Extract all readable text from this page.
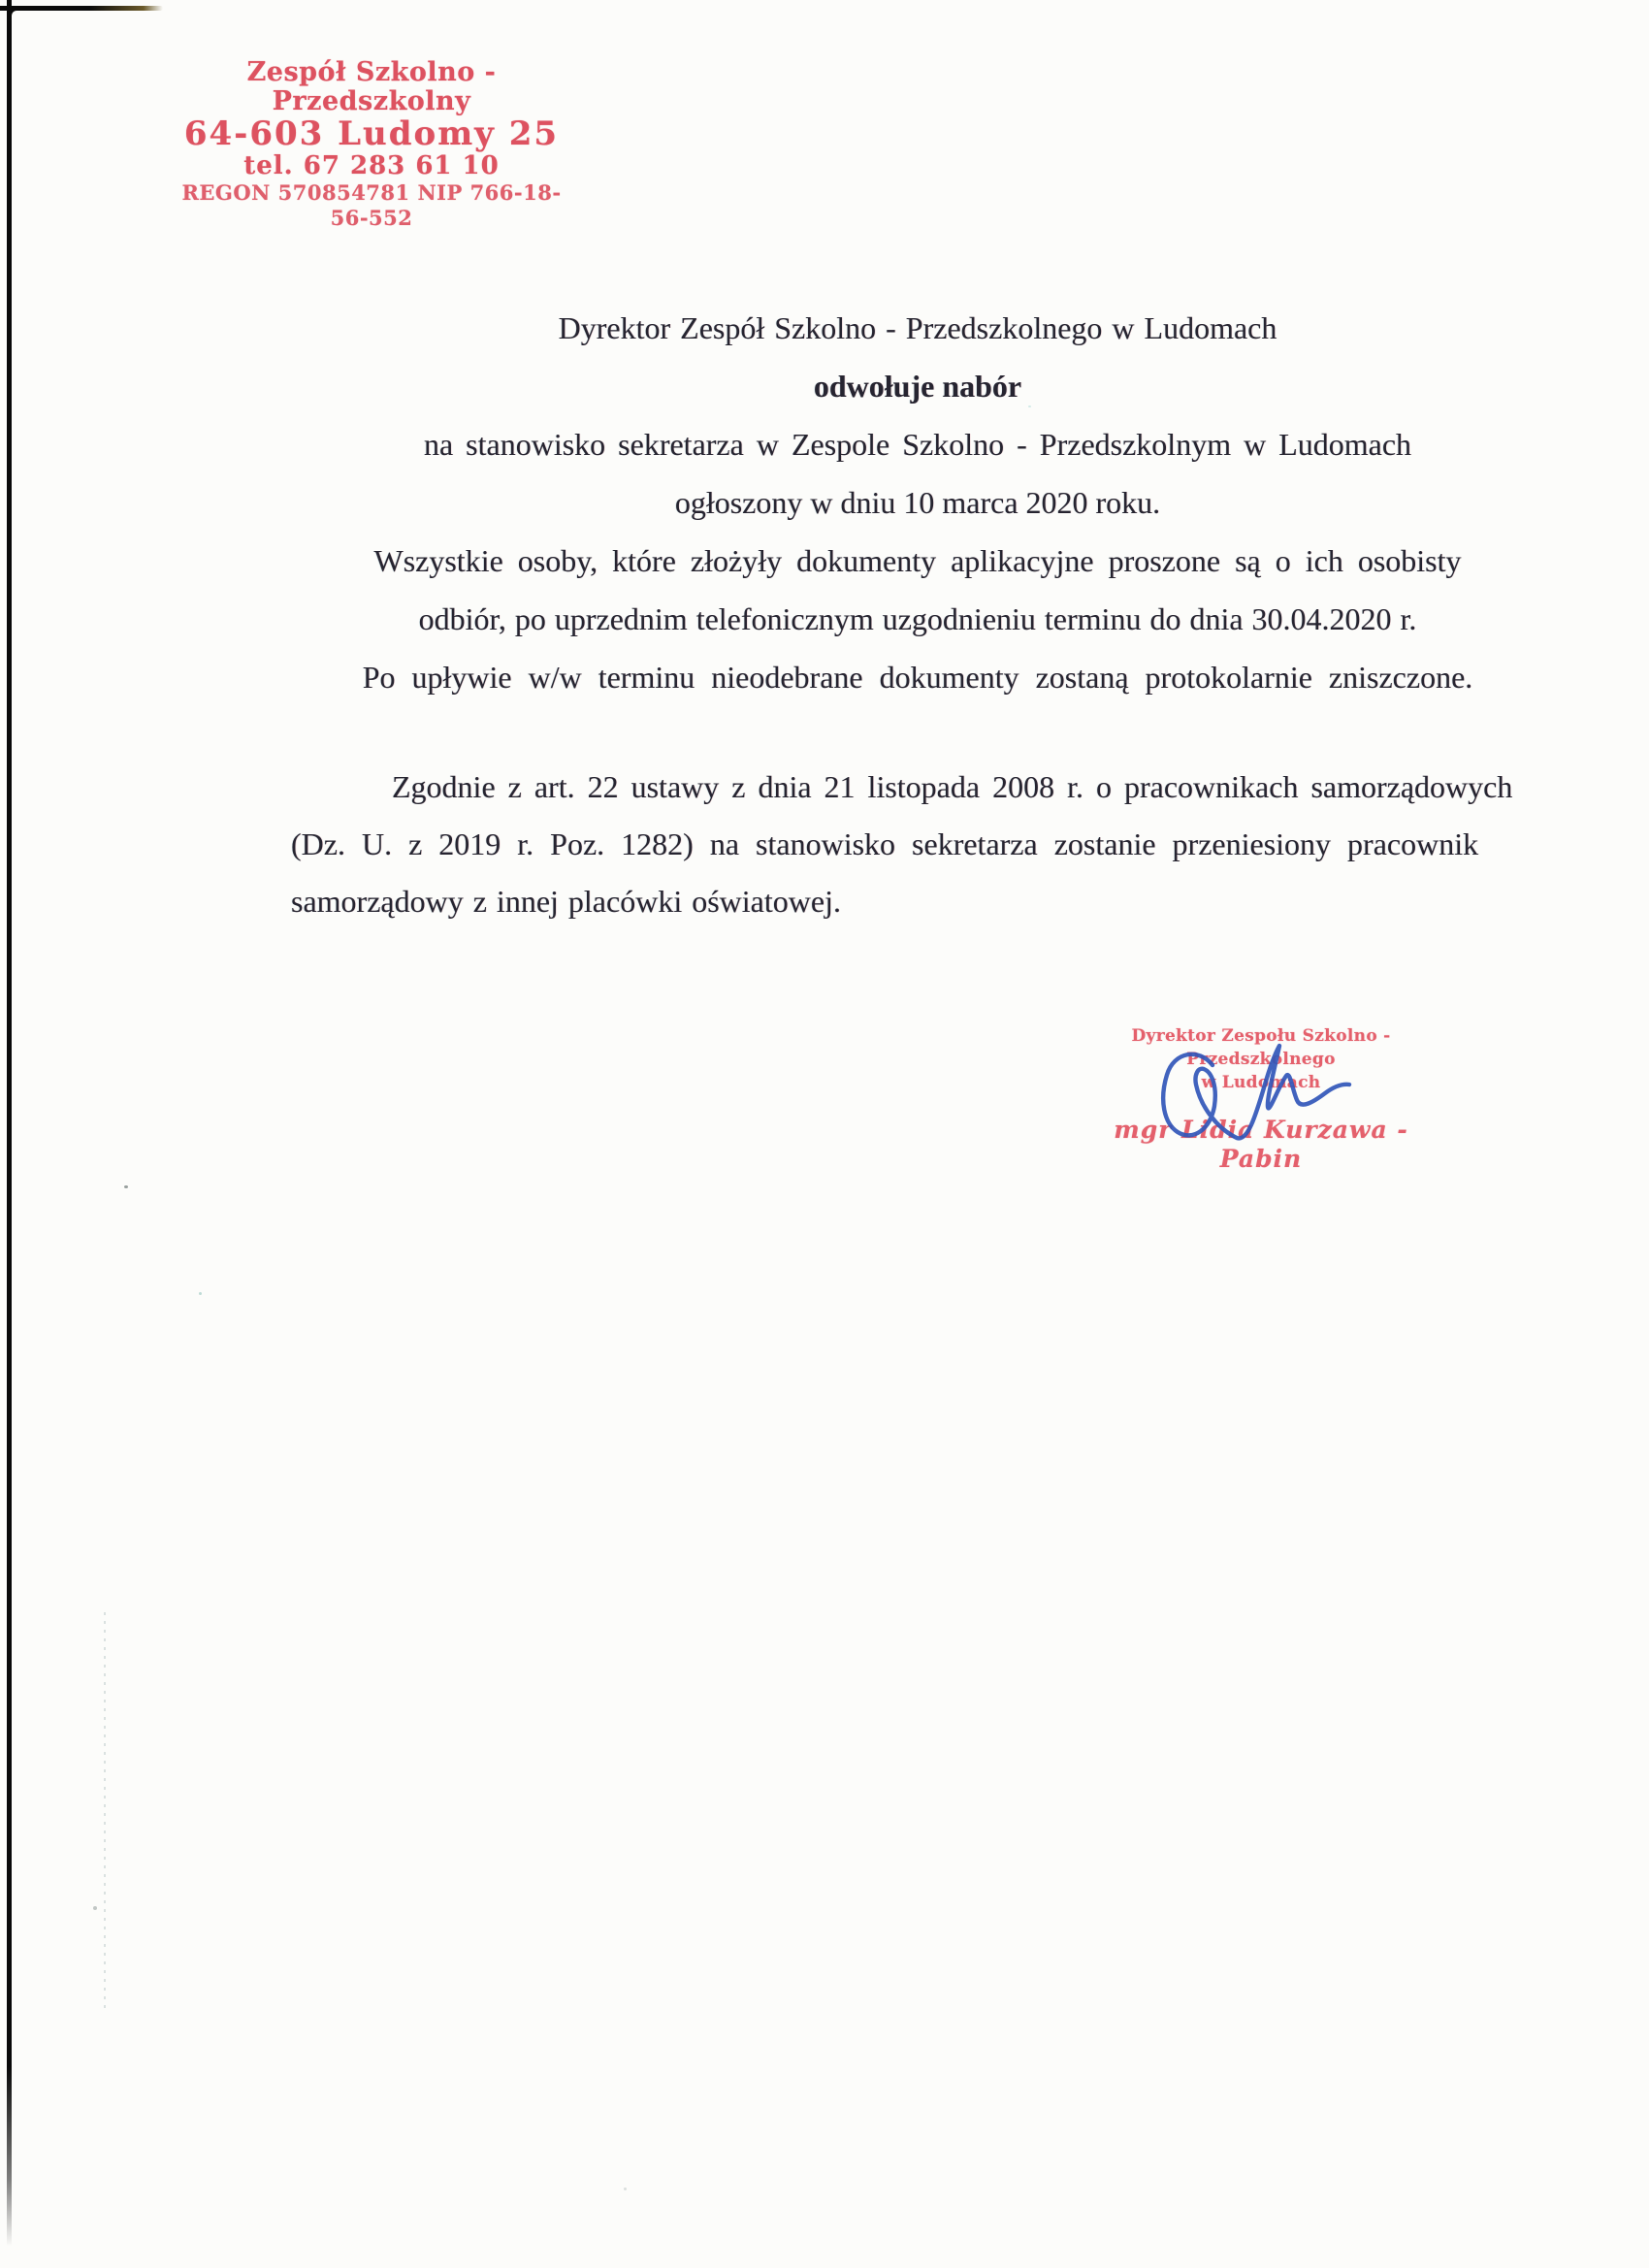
Zespół Szkolno - Przedszkolny
64-603 Ludomy 25
tel. 67 283 61 10
REGON 570854781 NIP 766-18-56-552
Dyrektor Zespół Szkolno - Przedszkolnego w Ludomach
odwołuje nabór
na stanowisko sekretarza w Zespole Szkolno - Przedszkolnym w Ludomach
ogłoszony w dniu 10 marca 2020 roku.
Wszystkie osoby, które złożyły dokumenty aplikacyjne proszone są o ich osobisty
odbiór, po uprzednim telefonicznym uzgodnieniu terminu do dnia 30.04.2020 r.
Po upływie w/w terminu nieodebrane dokumenty zostaną protokolarnie zniszczone.
Zgodnie z art. 22 ustawy z dnia 21 listopada 2008 r. o pracownikach samorządowych
(Dz. U. z 2019 r. Poz. 1282) na stanowisko sekretarza zostanie przeniesiony pracownik
samorządowy z innej placówki oświatowej.
Dyrektor Zespołu Szkolno - Przedszkolnego
w Ludomach
mgr Lidia Kurzawa - Pabin
